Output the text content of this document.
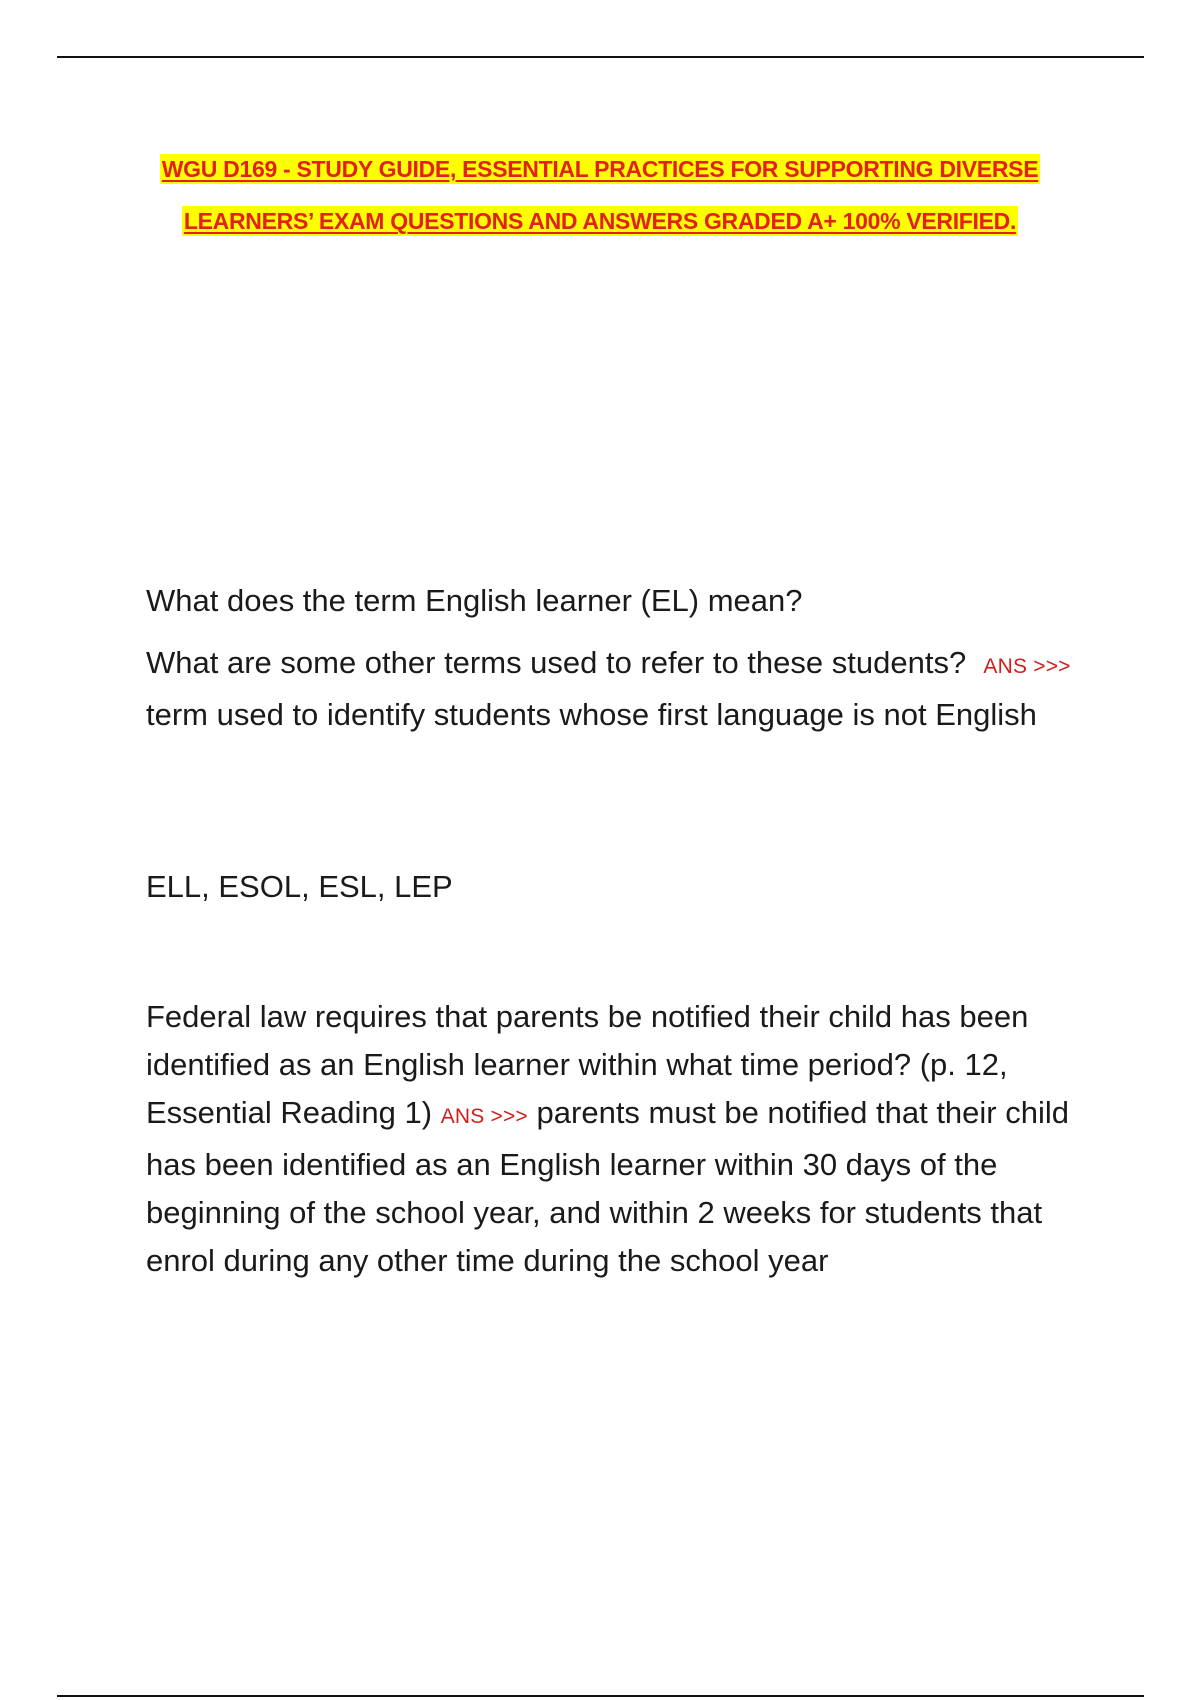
WGU D169 - STUDY GUIDE, ESSENTIAL PRACTICES FOR SUPPORTING DIVERSE
LEARNERS’ EXAM QUESTIONS AND ANSWERS GRADED A+ 100% VERIFIED.

What does the term English learner (EL) mean?

What are some other terms used to refer to these students? ANS >>> term used to identify students whose first language is not English

ELL, ESOL, ESL, LEP

Federal law requires that parents be notified their child has been identified as an English learner within what time period? (p. 12, Essential Reading 1) ANS >>> parents must be notified that their child has been identified as an English learner within 30 days of the beginning of the school year, and within 2 weeks for students that enrol during any other time during the school year
